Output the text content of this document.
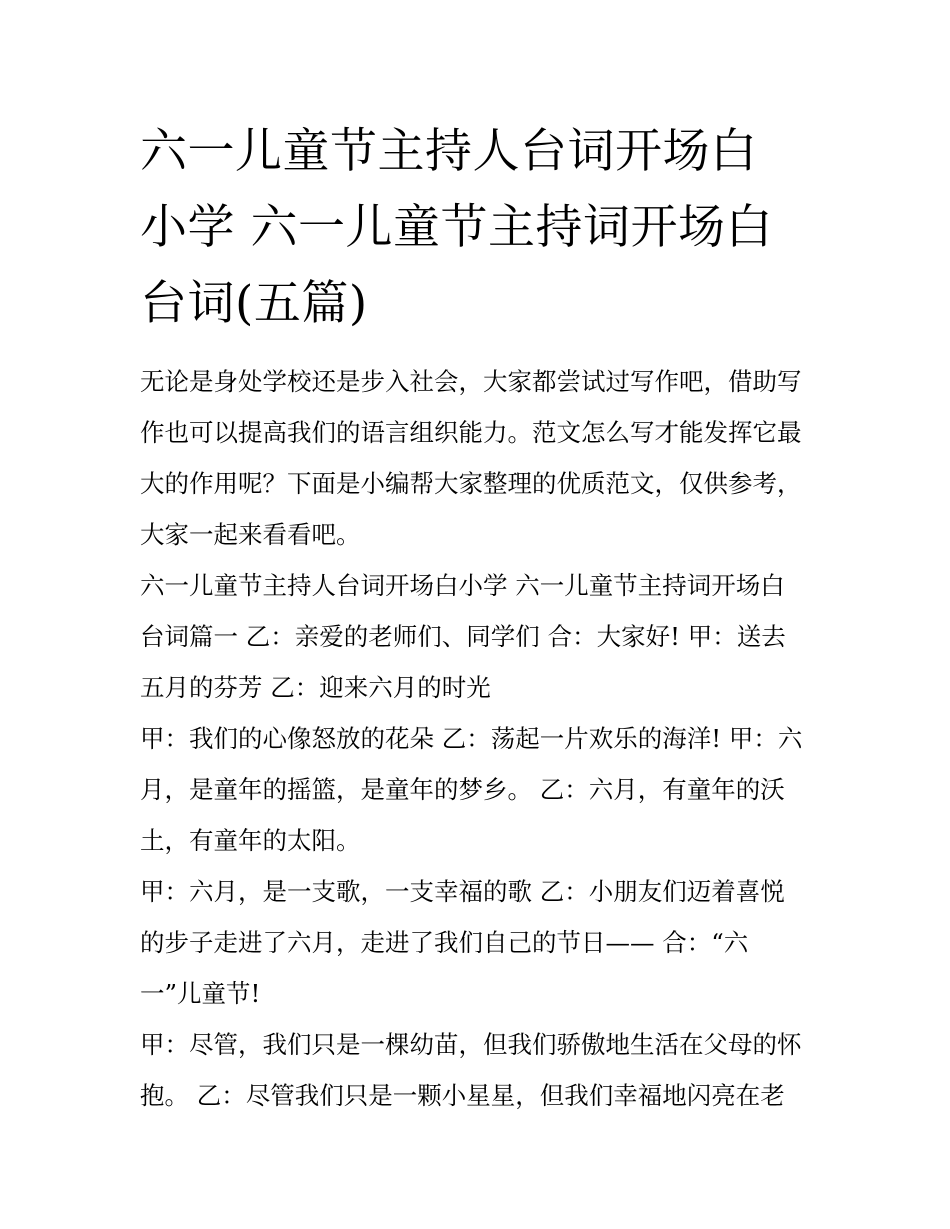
六一儿童节主持人台词开场白
小学 六一儿童节主持词开场白
台词(五篇)
无论是身处学校还是步入社会，大家都尝试过写作吧，借助写
作也可以提高我们的语言组织能力。范文怎么写才能发挥它最
大的作用呢？下面是小编帮大家整理的优质范文，仅供参考，
大家一起来看看吧。
六一儿童节主持人台词开场白小学 六一儿童节主持词开场白
台词篇一 乙：亲爱的老师们、同学们 合：大家好! 甲：送去
五月的芬芳 乙：迎来六月的时光
甲：我们的心像怒放的花朵 乙：荡起一片欢乐的海洋! 甲：六
月，是童年的摇篮，是童年的梦乡。 乙：六月，有童年的沃
土，有童年的太阳。
甲：六月，是一支歌，一支幸福的歌 乙：小朋友们迈着喜悦
的步子走进了六月，走进了我们自己的节日—— 合：“六
一”儿童节!
甲：尽管，我们只是一棵幼苗，但我们骄傲地生活在父母的怀
抱。 乙：尽管我们只是一颗小星星，但我们幸福地闪亮在老
